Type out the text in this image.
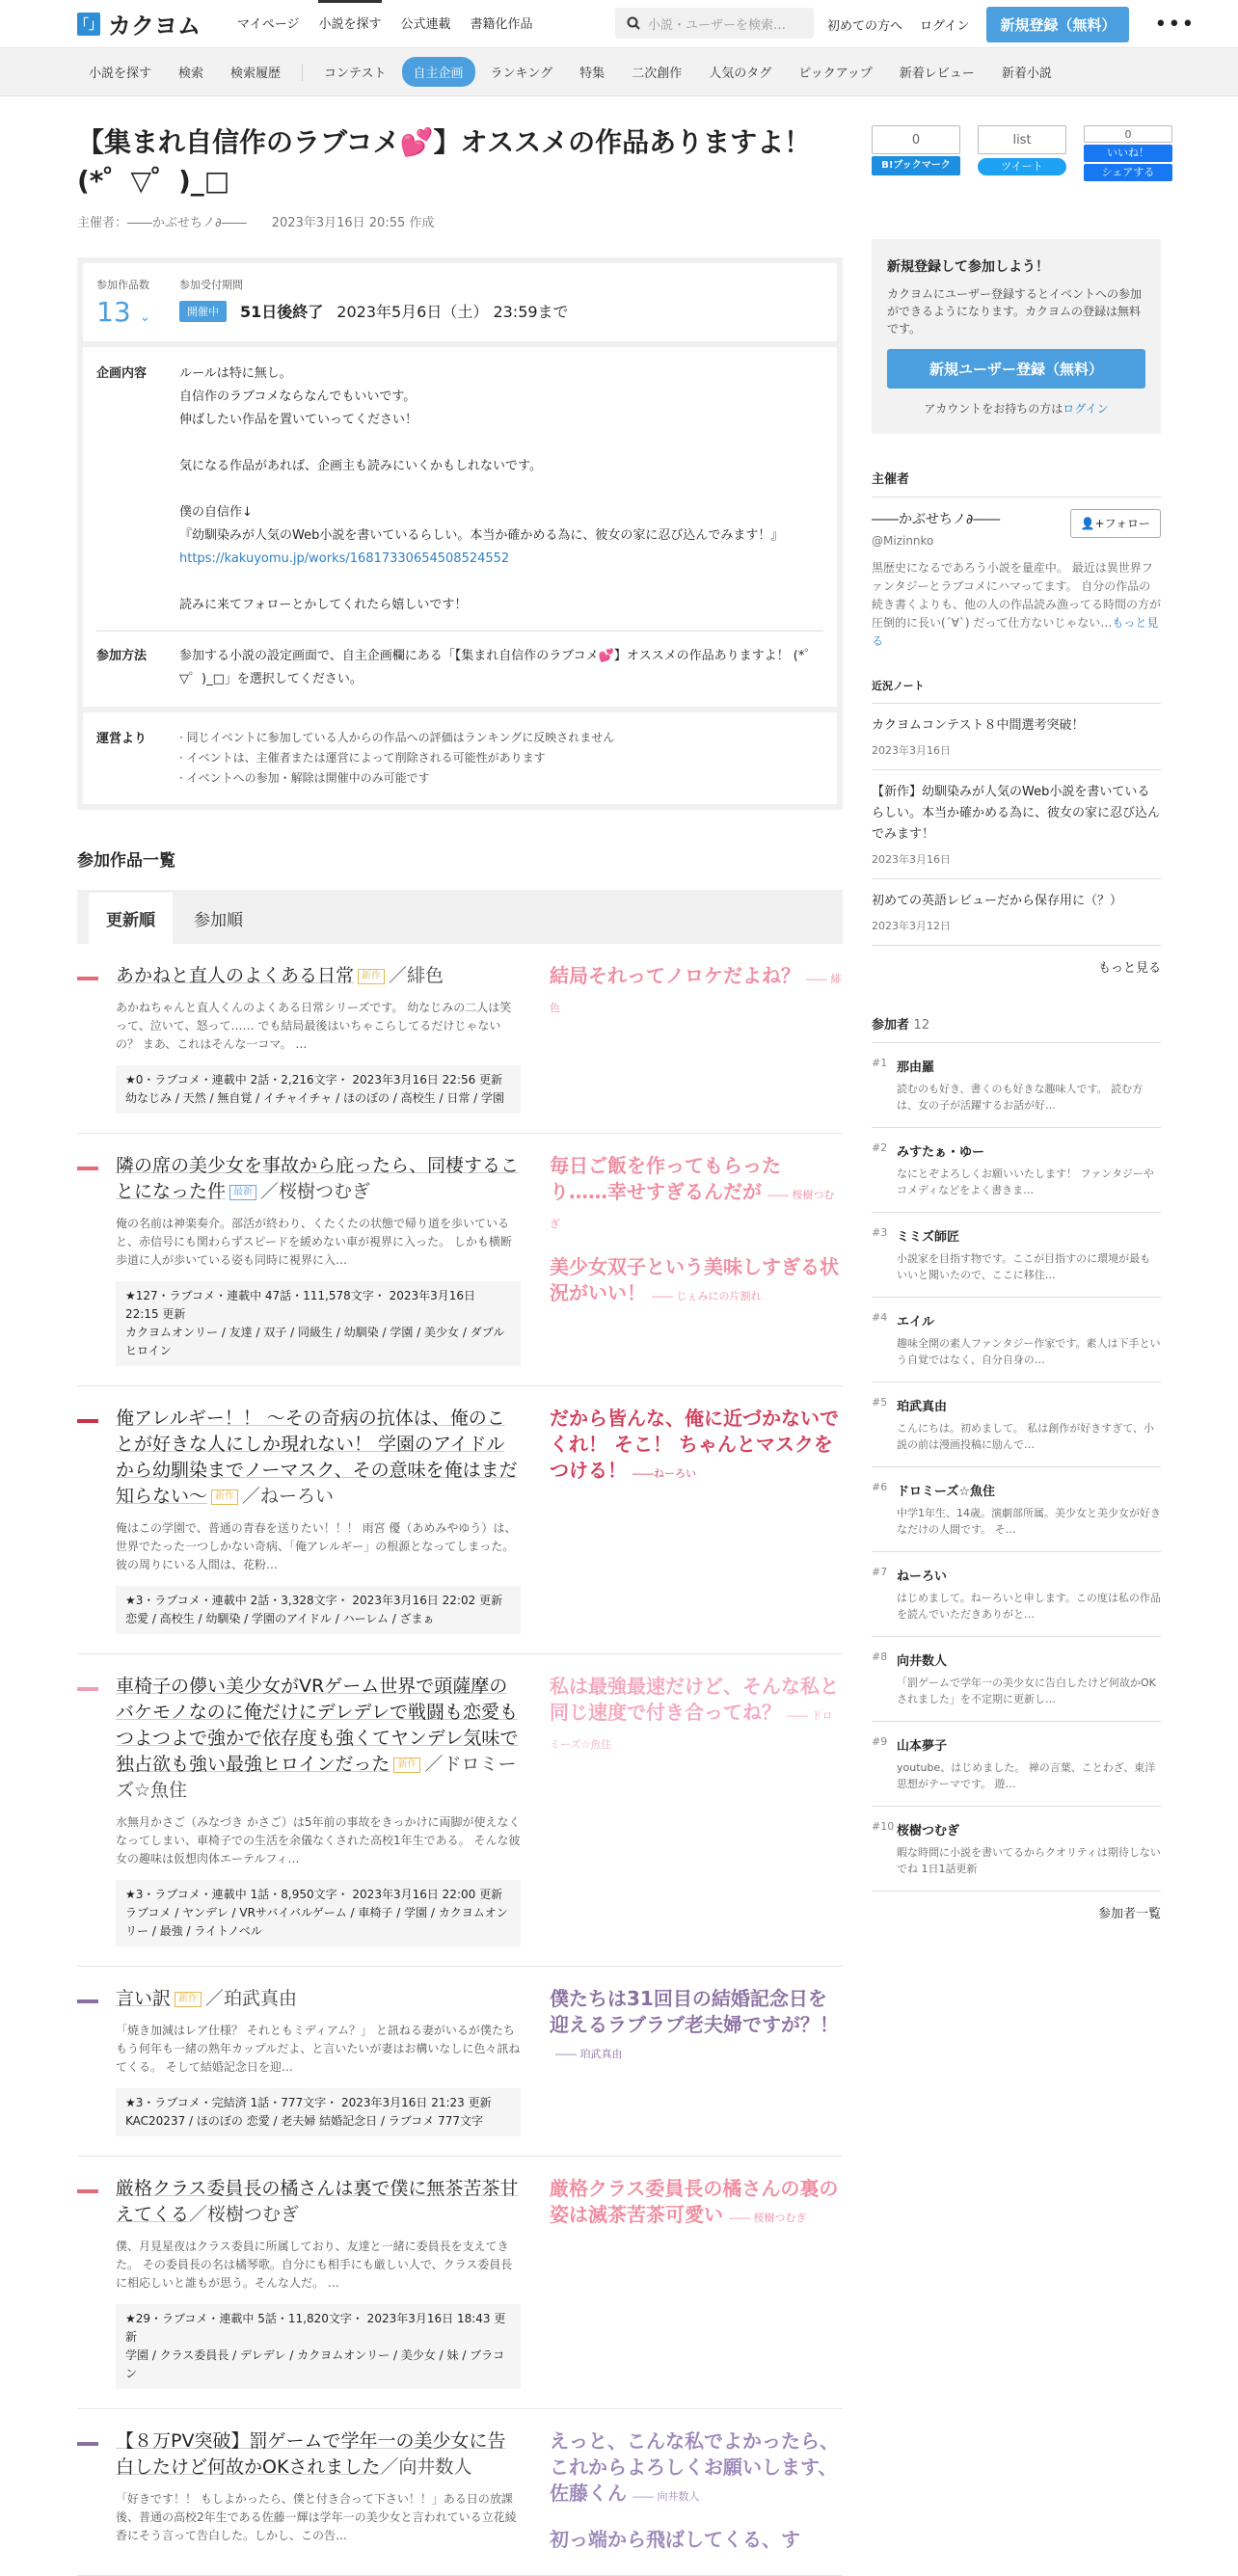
「」 カクヨム	マイページ	小説を探す	公式連載	書籍化作品	小説・ユーザーを検索…	初めての方へ ログイン	新規登録（無料）	•••
小説を探す	検索	検索履歴	コンテスト	自主企画	ランキング	特集	二次創作	人気のタグ	ピックアップ	新着レビュー	新着小説
【集まれ自信作のラブコメ💕】オススメの作品ありますよ！ (*゜▽゜)_□
主催者：――かぶせちノ∂―― 2023年3月16日 20:55 作成
参加作品数
13 ⌄
参加受付期間
開催中	51日後終了 2023年5月6日（土） 23:59まで
企画内容	ルールは特に無し。

自信作のラブコメならなんでもいいです。

伸ばしたい作品を置いていってください！

気になる作品があれば、企画主も読みにいくかもしれないです。

僕の自信作↓

『幼馴染みが人気のWeb小説を書いているらしい。本当か確かめる為に、彼女の家に忍び込んでみます！』

https://kakuyomu.jp/works/16817330654508524552

読みに来てフォローとかしてくれたら嬉しいです！

参加方法	参加する小説の設定画面で、自主企画欄にある「【集まれ自信作のラブコメ💕】オススメの作品ありますよ！ (*゜▽゜)_□」を選択してください。
運営より	· 同じイベントに参加している人からの作品への評価はランキングに反映されません
· イベントは、主催者または運営によって削除される可能性があります
· イベントへの参加・解除は開催中のみ可能です
参加作品一覧
更新順	参加順
あかねと直人のよくある日常 新作 ／緋色
あかねちゃんと直人くんのよくある日常シリーズです。 幼なじみの二人は笑って、泣いて、怒って…… でも結局最後はいちゃこらしてるだけじゃないの？ まあ、これはそんな一コマ。 …
★0・ラブコメ・連載中 2話・2,216文字・ 2023年3月16日 22:56 更新
幼なじみ / 天然 / 無自覚 / イチャイチャ / ほのぼの / 高校生 / 日常 / 学園
結局それってノロケだよね？ ―― 緋色
隣の席の美少女を事故から庇ったら、同棲することになった件 最新 ／桜樹つむぎ
俺の名前は神楽奏介。部活が終わり、くたくたの状態で帰り道を歩いていると、赤信号にも関わらずスピードを緩めない車が視界に入った。 しかも横断歩道に人が歩いている姿も同時に視界に入…
★127・ラブコメ・連載中 47話・111,578文字・ 2023年3月16日 22:15 更新
カクヨムオンリー / 友達 / 双子 / 同級生 / 幼馴染 / 学園 / 美少女 / ダブルヒロイン
毎日ご飯を作ってもらった り……幸せすぎるんだが ―― 桜樹つむぎ
美少女双子という美味しすぎる状況がいい！ ―― じぇみにの片割れ
俺アレルギー！！ ～その奇病の抗体は、俺のことが好きな人にしか現れない！ 学園のアイドルから幼馴染までノーマスク、その意味を俺はまだ知らない～ 新作 ／ねーろい
俺はこの学園で、普通の青春を送りたい！！！ 雨宮 優（あめみやゆう）は、世界でたった一つしかない奇病、「俺アレルギー」の根源となってしまった。 彼の周りにいる人間は、花粉…
★3・ラブコメ・連載中 2話・3,328文字・ 2023年3月16日 22:02 更新
恋愛 / 高校生 / 幼馴染 / 学園のアイドル / ハーレム / ざまぁ
だから皆んな、俺に近づかないでくれ！ そこ！ ちゃんとマスクをつける！ ――ねーろい
車椅子の儚い美少女がVRゲーム世界で頭薩摩のバケモノなのに俺だけにデレデレで戦闘も恋愛もつよつよで強かで依存度も強くてヤンデレ気味で独占欲も強い最強ヒロインだった 新作 ／ドロミーズ☆魚住
水無月かさご（みなづき かさご）は5年前の事故をきっかけに両脚が使えなくなってしまい、車椅子での生活を余儀なくされた高校1年生である。 そんな彼女の趣味は仮想肉体エーテルフィ…
★3・ラブコメ・連載中 1話・8,950文字・ 2023年3月16日 22:00 更新
ラブコメ / ヤンデレ / VRサバイバルゲーム / 車椅子 / 学園 / カクヨムオンリー / 最強 / ライトノベル
私は最強最速だけど、そんな私と同じ速度で付き合ってね？ ―― ドロミーズ☆魚住
言い訳 新作 ／珀武真由
「焼き加減はレア仕様？ それともミディアム？」 と訊ねる妻がいるが僕たちもう何年も一緒の熟年カップルだよ、と言いたいが妻はお構いなしに色々訊ねてくる。 そして結婚記念日を迎…
★3・ラブコメ・完結済 1話・777文字・ 2023年3月16日 21:23 更新
KAC20237 / ほのぼの 恋愛 / 老夫婦 結婚記念日 / ラブコメ 777文字
僕たちは31回目の結婚記念日を迎えるラブラブ老夫婦ですが？！―― 珀武真由
厳格クラス委員長の橘さんは裏で僕に無茶苦茶甘えてくる／桜樹つむぎ
僕、月見星夜はクラス委員に所属しており、友達と一緒に委員長を支えてきた。 その委員長の名は橘琴歌。自分にも相手にも厳しい人で、クラス委員長に相応しいと誰もが思う。そんな人だ。 …
★29・ラブコメ・連載中 5話・11,820文字・ 2023年3月16日 18:43 更新
学園 / クラス委員長 / デレデレ / カクヨムオンリー / 美少女 / 妹 / ブラコン
厳格クラス委員長の橘さんの裏の姿は滅茶苦茶可愛い ―― 桜樹つむぎ
【８万PV突破】罰ゲームで学年一の美少女に告白したけど何故かOKされました／向井数人
「好きです！！ もしよかったら、僕と付き合って下さい！！」ある日の放課後、普通の高校2年生である佐藤一輝は学年一の美少女と言われている立花綾香にそう言って告白した。しかし、この告…
えっと、こんな私でよかったら、これからよろしくお願いします、佐藤くん ―― 向井数人
初っ端から飛ばしてくる、す
0
B!ブックマーク
list
ツイート
0
いいね！
シェアする
新規登録して参加しよう！
カクヨムにユーザー登録するとイベントへの参加ができるようになります。カクヨムの登録は無料です。
新規ユーザー登録（無料）
アカウントをお持ちの方はログイン
主催者
――かぶせちノ∂――
@Mizinnko
👤+フォロー
黒歴史になるであろう小説を量産中。 最近は異世界ファンタジーとラブコメにハマってます。 自分の作品の続き書くよりも、他の人の作品読み漁ってる時間の方が圧倒的に長い(´∀`) だって仕方ないじゃない…もっと見る
近況ノート
カクヨムコンテスト８中間選考突破！
2023年3月16日
【新作】幼馴染みが人気のWeb小説を書いているらしい。本当か確かめる為に、彼女の家に忍び込んでみます！
2023年3月16日
初めての英語レビューだから保存用に（？）
2023年3月12日
もっと見る
参加者 12
#1 那由羅
読むのも好き、書くのも好きな趣味人です。 読む方は、女の子が活躍するお話が好…
#2 みすたぁ・ゆー
なにとぞよろしくお願いいたします！ ファンタジーやコメディなどをよく書きま…
#3 ミミズ師匠
小説家を目指す物です。ここが目指すのに環境が最もいいと聞いたので、ここに移住…
#4 エイル
趣味全開の素人ファンタジー作家です。素人は下手という自覚ではなく、自分自身の…
#5 珀武真由
こんにちは。初めまして。 私は創作が好きすぎて、小説の前は漫画投稿に励んで…
#6 ドロミーズ☆魚住
中学1年生、14歳。演劇部所属。美少女と美少女が好きなだけの人間です。 そ…
#7 ねーろい
はじめまして。ねーろいと申します。この度は私の作品を読んでいただきありがと…
#8 向井数人
「罰ゲームで学年一の美少女に告白したけど何故かOKされました」を不定期に更新し…
#9 山本夢子
youtube、はじめました。 禅の言葉、ことわざ、東洋思想がテーマです。 遊…
#10 桜樹つむぎ
暇な時間に小説を書いてるからクオリティは期待しないでね 1日1話更新
参加者一覧
